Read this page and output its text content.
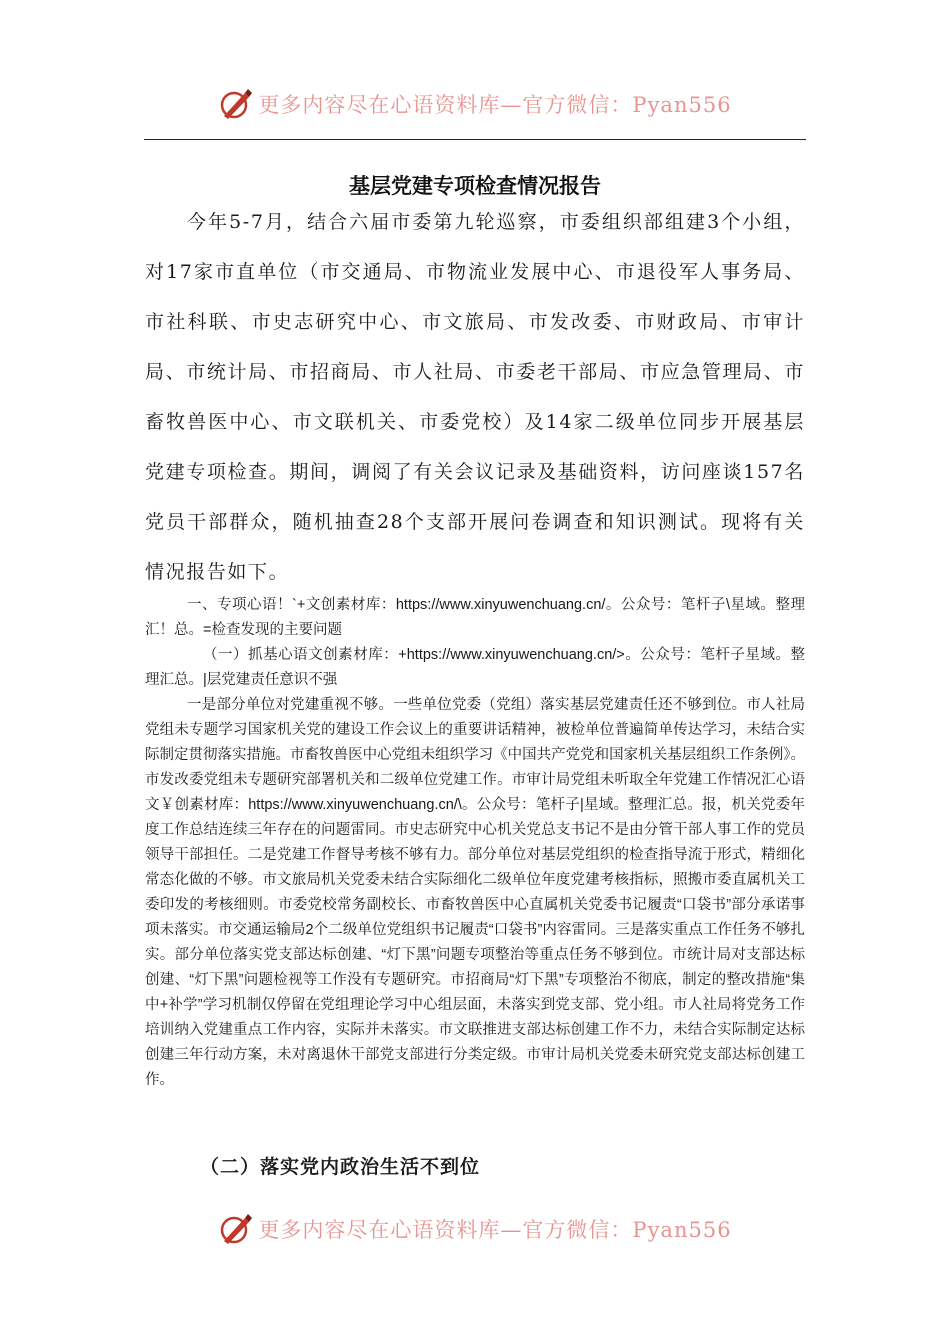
更多内容尽在心语资料库—官方微信：Pyan556
基层党建专项检查情况报告

今年5-7月，结合六届市委第九轮巡察，市委组织部组建3个小组，对17家市直单位（市交通局、市物流业发展中心、市退役军人事务局、市社科联、市史志研究中心、市文旅局、市发改委、市财政局、市审计局、市统计局、市招商局、市人社局、市委老干部局、市应急管理局、市畜牧兽医中心、市文联机关、市委党校）及14家二级单位同步开展基层党建专项检查。期间，调阅了有关会议记录及基础资料，访问座谈157名党员干部群众，随机抽查28个支部开展问卷调查和知识测试。现将有关情况报告如下。

一、专项心语！`+文创素材库：https://www.xinyuwenchuang.cn/。公众号：笔杆子\星域。整理汇！总。=检查发现的主要问题

（一）抓基心语文创素材库：+https://www.xinyuwenchuang.cn/>。公众号：笔杆子星域。整理汇总。|层党建责任意识不强

一是部分单位对党建重视不够。一些单位党委（党组）落实基层党建责任还不够到位。市人社局党组未专题学习国家机关党的建设工作会议上的重要讲话精神，被检单位普遍简单传达学习，未结合实际制定贯彻落实措施。市畜牧兽医中心党组未组织学习《中国共产党党和国家机关基层组织工作条例》。市发改委党组未专题研究部署机关和二级单位党建工作。市审计局党组未听取全年党建工作情况汇心语文￥创素材库：https://www.xinyuwenchuang.cn/\。公众号：笔杆子|星域。整理汇总。报，机关党委年度工作总结连续三年存在的问题雷同。市史志研究中心机关党总支书记不是由分管干部人事工作的党员领导干部担任。二是党建工作督导考核不够有力。部分单位对基层党组织的检查指导流于形式，精细化常态化做的不够。市文旅局机关党委未结合实际细化二级单位年度党建考核指标，照搬市委直属机关工委印发的考核细则。市委党校常务副校长、市畜牧兽医中心直属机关党委书记履责“口袋书”部分承诺事项未落实。市交通运输局2个二级单位党组织书记履责“口袋书”内容雷同。三是落实重点工作任务不够扎实。部分单位落实党支部达标创建、“灯下黑”问题专项整治等重点任务不够到位。市统计局对支部达标创建、“灯下黑”问题检视等工作没有专题研究。市招商局“灯下黑”专项整治不彻底，制定的整改措施“集中+补学”学习机制仅停留在党组理论学习中心组层面，未落实到党支部、党小组。市人社局将党务工作培训纳入党建重点工作内容，实际并未落实。市文联推进支部达标创建工作不力，未结合实际制定达标创建三年行动方案，未对离退休干部党支部进行分类定级。市审计局机关党委未研究党支部达标创建工作。

（二）落实党内政治生活不到位
更多内容尽在心语资料库—官方微信：Pyan556
